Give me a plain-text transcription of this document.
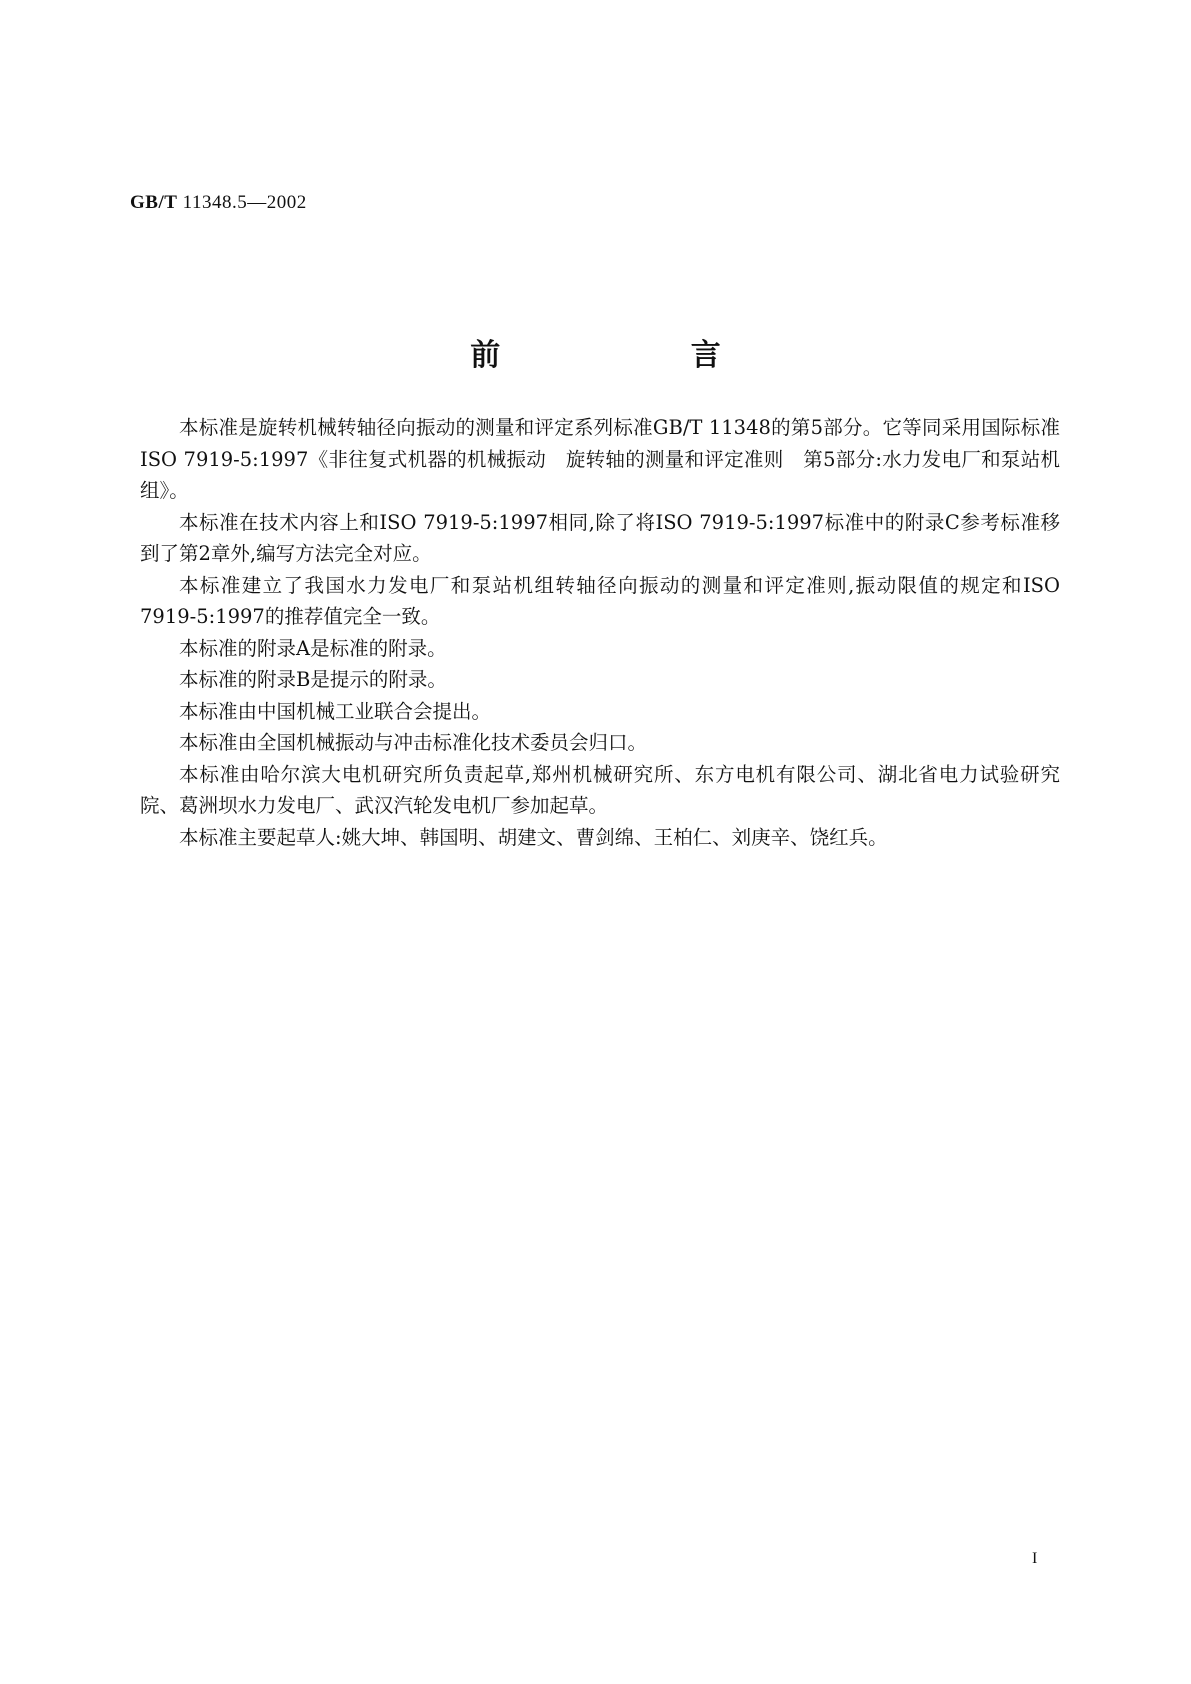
GB/T 11348.5—2002
前 言

本标准是旋转机械转轴径向振动的测量和评定系列标准GB/T 11348的第5部分。它等同采用国际标准ISO 7919-5:1997《非往复式机器的机械振动　旋转轴的测量和评定准则　第5部分:水力发电厂和泵站机组》。

本标准在技术内容上和ISO 7919-5:1997相同,除了将ISO 7919-5:1997标准中的附录C参考标准移到了第2章外,编写方法完全对应。

本标准建立了我国水力发电厂和泵站机组转轴径向振动的测量和评定准则,振动限值的规定和ISO 7919-5:1997的推荐值完全一致。

本标准的附录A是标准的附录。

本标准的附录B是提示的附录。

本标准由中国机械工业联合会提出。

本标准由全国机械振动与冲击标准化技术委员会归口。

本标准由哈尔滨大电机研究所负责起草,郑州机械研究所、东方电机有限公司、湖北省电力试验研究院、葛洲坝水力发电厂、武汉汽轮发电机厂参加起草。

本标准主要起草人:姚大坤、韩国明、胡建文、曹剑绵、王柏仁、刘庚辛、饶红兵。

I
